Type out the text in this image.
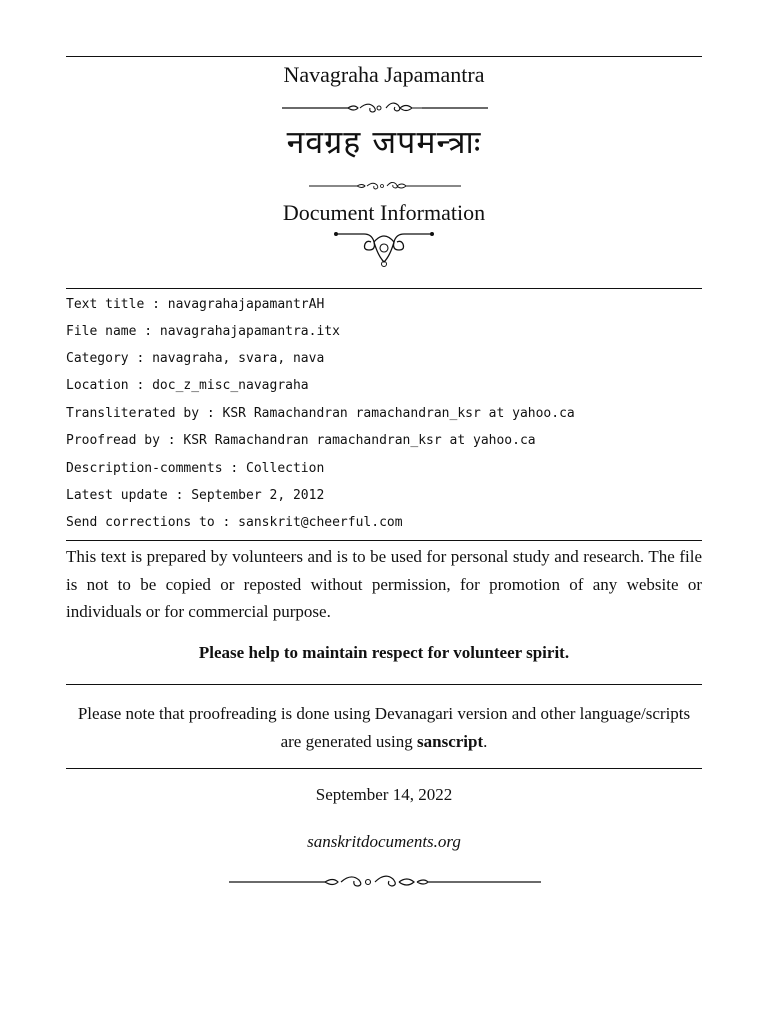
Navagraha Japamantra
नवग्रह जपमन्त्राः
Document Information
Text title : navagrahajapamantrAH
File name : navagrahajapamantra.itx
Category : navagraha, svara, nava
Location : doc_z_misc_navagraha
Transliterated by : KSR Ramachandran ramachandran_ksr at yahoo.ca
Proofread by : KSR Ramachandran ramachandran_ksr at yahoo.ca
Description-comments : Collection
Latest update : September 2, 2012
Send corrections to : sanskrit@cheerful.com
This text is prepared by volunteers and is to be used for personal study and research. The file is not to be copied or reposted without permission, for promotion of any website or individuals or for commercial purpose.
Please help to maintain respect for volunteer spirit.
Please note that proofreading is done using Devanagari version and other language/scripts are generated using sanscript.
September 14, 2022
sanskritdocuments.org
